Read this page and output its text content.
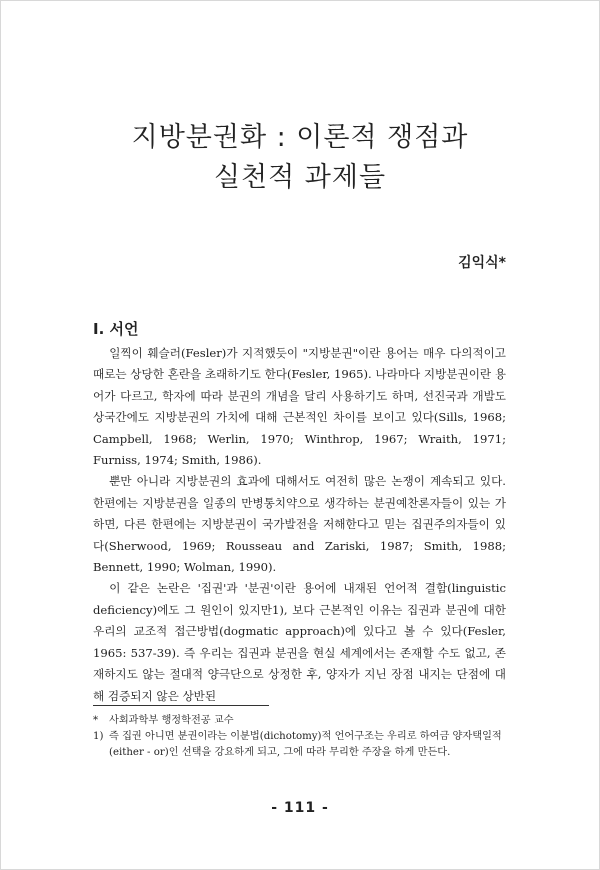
지방분권화 : 이론적 쟁점과
실천적 과제들
김익식*
I. 서언

일찍이 훼슬러(Fesler)가 지적했듯이 "지방분권"이란 용어는 매우 다의적이고 때로는 상당한 혼란을 초래하기도 한다(Fesler, 1965). 나라마다 지방분권이란 용어가 다르고, 학자에 따라 분권의 개념을 달리 사용하기도 하며, 선진국과 개발도상국간에도 지방분권의 가치에 대해 근본적인 차이를 보이고 있다(Sills, 1968; Campbell, 1968; Werlin, 1970; Winthrop, 1967; Wraith, 1971; Furniss, 1974; Smith, 1986).

뿐만 아니라 지방분권의 효과에 대해서도 여전히 많은 논쟁이 계속되고 있다. 한편에는 지방분권을 일종의 만병통치약으로 생각하는 분권예찬론자들이 있는 가하면, 다른 한편에는 지방분권이 국가발전을 저해한다고 믿는 집권주의자들이 있다(Sherwood, 1969; Rousseau and Zariski, 1987; Smith, 1988; Bennett, 1990; Wolman, 1990).

이 같은 논란은 '집권'과 '분권'이란 용어에 내재된 언어적 결함(linguistic deficiency)에도 그 원인이 있지만1), 보다 근본적인 이유는 집권과 분권에 대한 우리의 교조적 접근방법(dogmatic approach)에 있다고 볼 수 있다(Fesler, 1965: 537-39). 즉 우리는 집권과 분권을 현실 세계에서는 존재할 수도 없고, 존재하지도 않는 절대적 양극단으로 상정한 후, 양자가 지닌 장점 내지는 단점에 대해 검증되지 않은 상반된

* 사회과학부 행정학전공 교수
1) 즉 집권 아니면 분권이라는 이분법(dichotomy)적 언어구조는 우리로 하여금 양자택일적(either - or)인 선택을 강요하게 되고, 그에 따라 무리한 주장을 하게 만든다.
- 111 -
